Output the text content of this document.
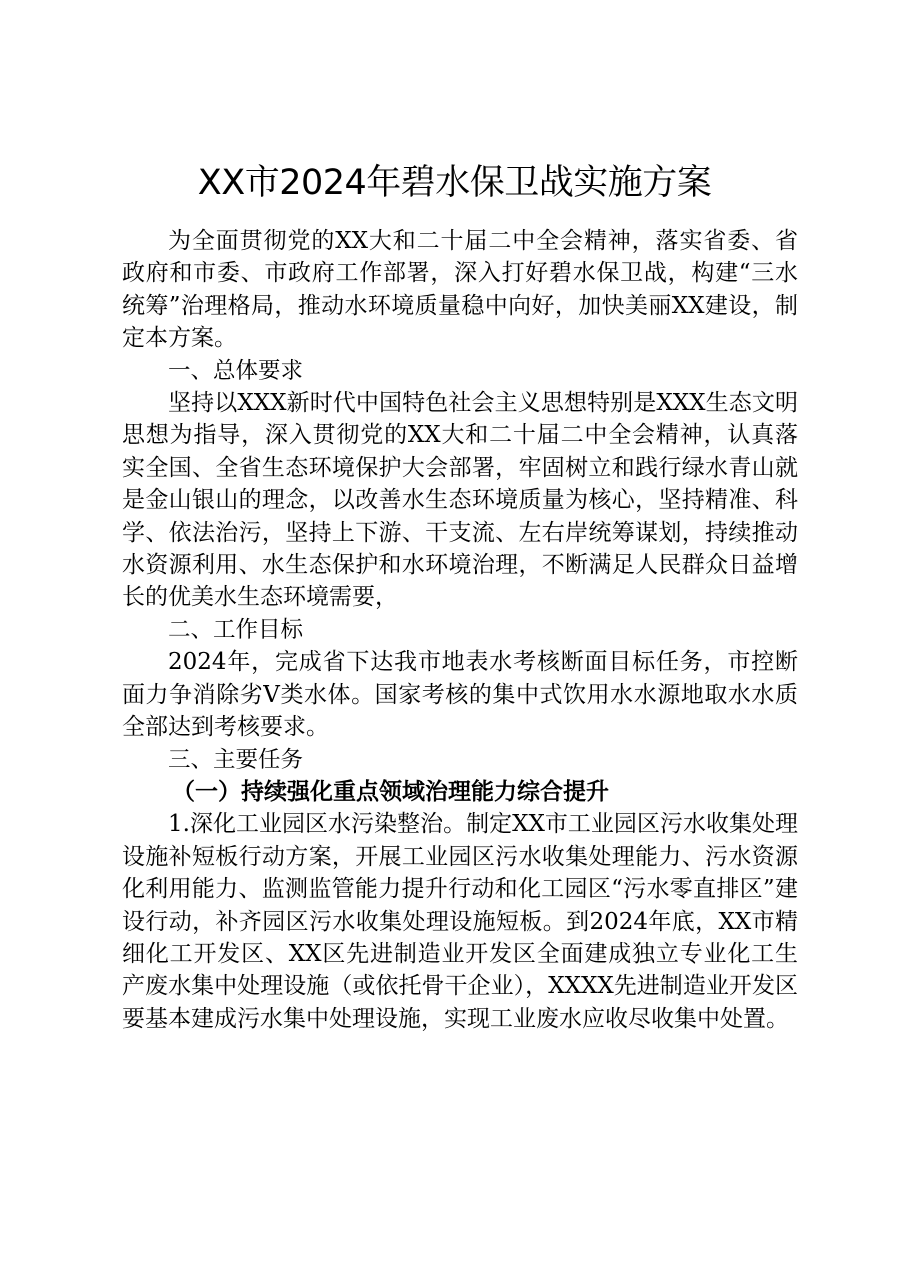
XX市2024年碧水保卫战实施方案

为全面贯彻党的XX大和二十届二中全会精神，落实省委、省政府和市委、市政府工作部署，深入打好碧水保卫战，构建“三水统筹”治理格局，推动水环境质量稳中向好，加快美丽XX建设，制定本方案。

一、总体要求

坚持以XXX新时代中国特色社会主义思想特别是XXX生态文明思想为指导，深入贯彻党的XX大和二十届二中全会精神，认真落实全国、全省生态环境保护大会部署，牢固树立和践行绿水青山就是金山银山的理念，以改善水生态环境质量为核心，坚持精准、科学、依法治污，坚持上下游、干支流、左右岸统筹谋划，持续推动水资源利用、水生态保护和水环境治理，不断满足人民群众日益增长的优美水生态环境需要，

二、工作目标

2024年，完成省下达我市地表水考核断面目标任务，市控断面力争消除劣V类水体。国家考核的集中式饮用水水源地取水水质全部达到考核要求。

三、主要任务

（一）持续强化重点领域治理能力综合提升

1.深化工业园区水污染整治。制定XX市工业园区污水收集处理设施补短板行动方案，开展工业园区污水收集处理能力、污水资源化利用能力、监测监管能力提升行动和化工园区“污水零直排区”建设行动，补齐园区污水收集处理设施短板。到2024年底，XX市精细化工开发区、XX区先进制造业开发区全面建成独立专业化工生产废水集中处理设施（或依托骨干企业），XXXX先进制造业开发区要基本建成污水集中处理设施，实现工业废水应收尽收集中处置。
